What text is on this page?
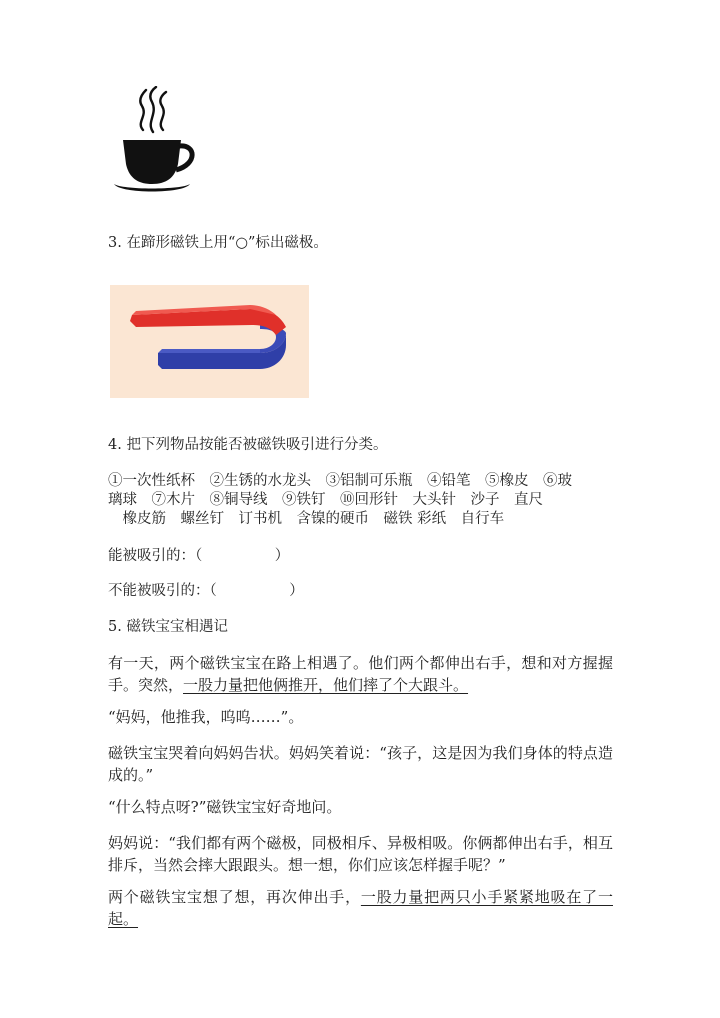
3. 在蹄形磁铁上用“○”标出磁极。
4. 把下列物品按能否被磁铁吸引进行分类。
①一次性纸杯　②生锈的水龙头　③铝制可乐瓶　④铅笔　⑤橡皮　⑥玻
璃球　⑦木片　⑧铜导线　⑨铁钉　⑩回形针　大头针　沙子　直尺
　橡皮筋　螺丝钉　订书机　含镍的硬币　磁铁 彩纸　自行车
能被吸引的：（　　　　　）
不能被吸引的：（　　　　　）
5. 磁铁宝宝相遇记
有一天，两个磁铁宝宝在路上相遇了。他们两个都伸出右手，想和对方握握手。突然，一股力量把他俩推开，他们摔了个大跟斗。
“妈妈，他推我，呜呜……”。
磁铁宝宝哭着向妈妈告状。妈妈笑着说：“孩子，这是因为我们身体的特点造成的。”
“什么特点呀?”磁铁宝宝好奇地问。
妈妈说：“我们都有两个磁极，同极相斥、异极相吸。你俩都伸出右手，相互排斥，当然会摔大跟跟头。想一想，你们应该怎样握手呢？”
两个磁铁宝宝想了想，再次伸出手，一股力量把两只小手紧紧地吸在了一起。
